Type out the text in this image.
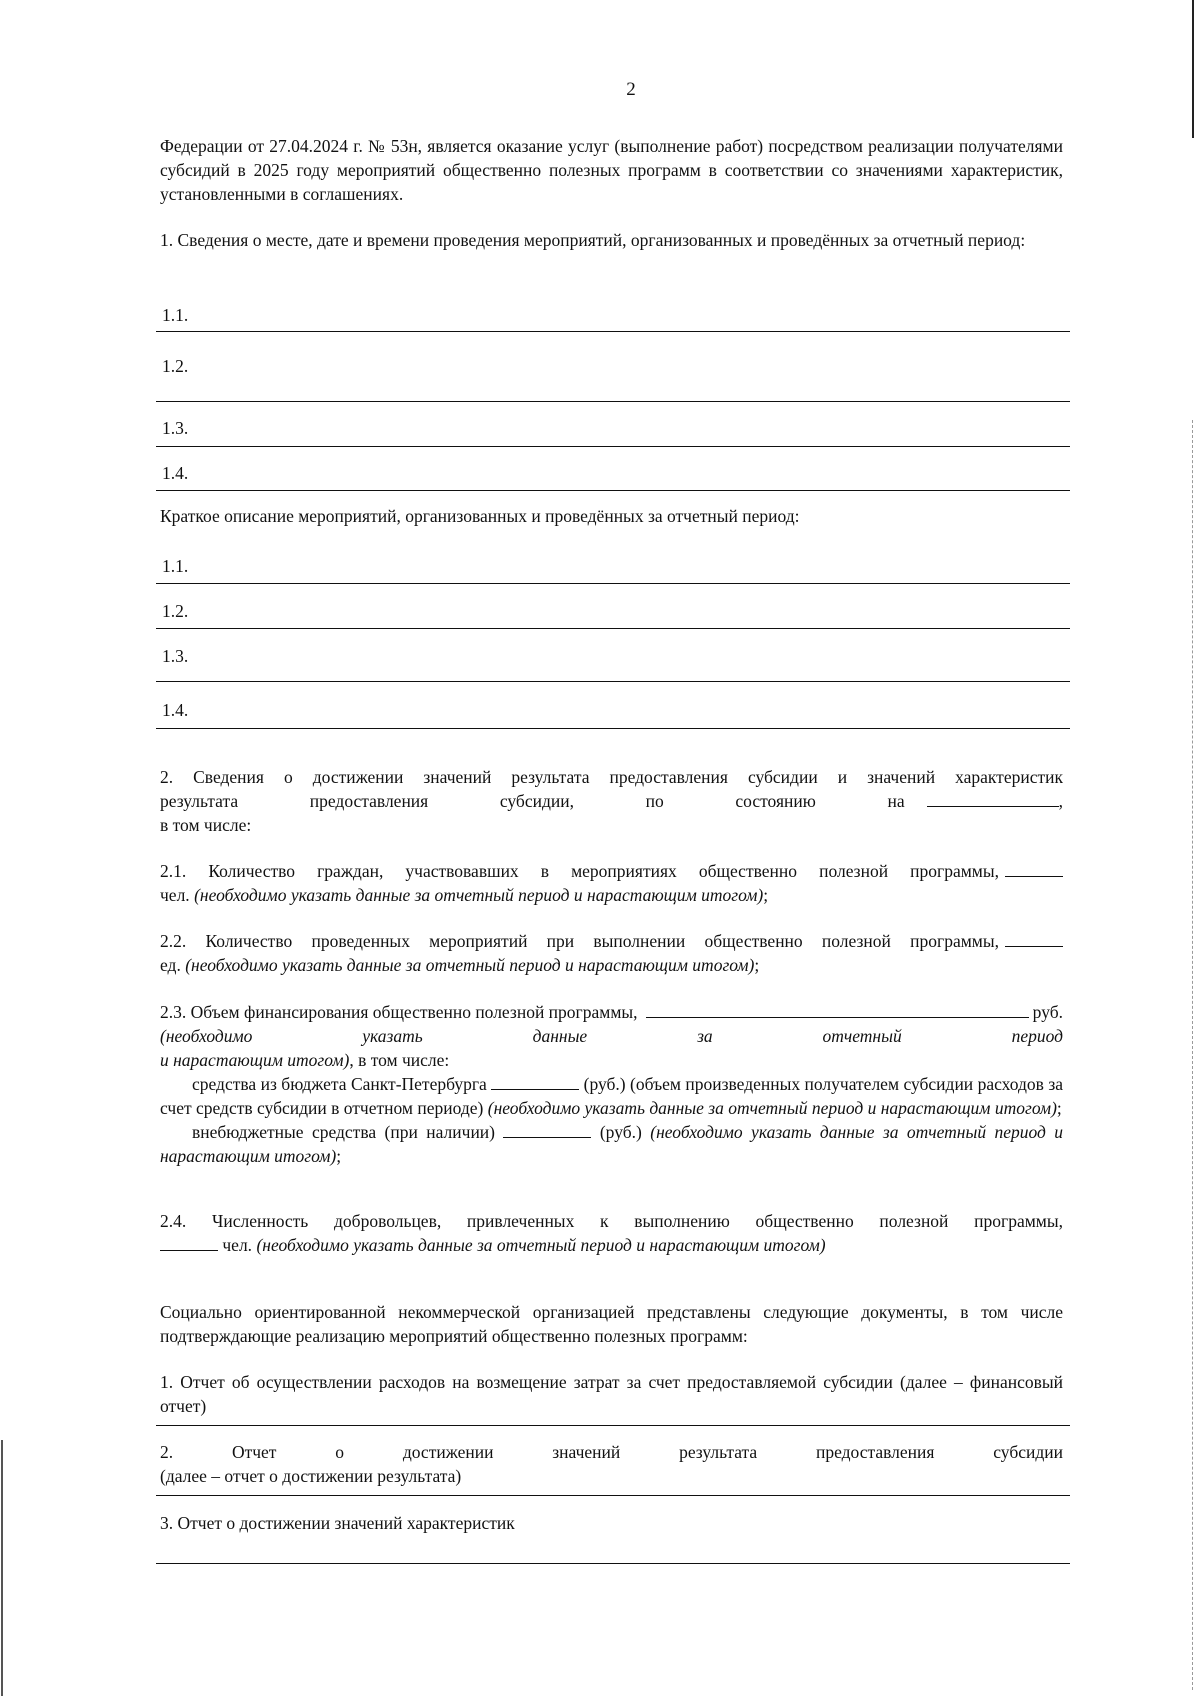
2

Федерации от 27.04.2024 г. № 53н, является оказание услуг (выполнение работ) посредством реализации получателями субсидий в 2025 году мероприятий общественно полезных программ в соответствии со значениями характеристик, установленными в соглашениях.

1. Сведения о месте, дате и времени проведения мероприятий, организованных и проведённых за отчетный период:

1.1.
1.2.
1.3.
1.4.

Краткое описание мероприятий, организованных и проведённых за отчетный период:

1.1.
1.2.
1.3.
1.4.
2. Сведения о достижении значений результата предоставления субсидии и значений характеристик
результата предоставления субсидии, по состоянию на	,
в том числе:
2.1. Количество граждан, участвовавших в мероприятиях общественно полезной программы,
чел. (необходимо указать данные за отчетный период и нарастающим итогом);
2.2. Количество проведенных мероприятий при выполнении общественно полезной программы,
ед. (необходимо указать данные за отчетный период и нарастающим итогом);
2.3. Объем финансирования общественно полезной программы,	руб.
(необходимо указать данные за отчетный период
и нарастающим итогом), в том числе:
средства из бюджета Санкт-Петербурга	(руб.) (объем произведенных получателем субсидии расходов за счет средств субсидии в отчетном периоде) (необходимо указать данные за отчетный период и нарастающим итогом);
внебюджетные средства (при наличии)	(руб.) (необходимо указать данные за отчетный период и нарастающим итогом);
2.4. Численность добровольцев, привлеченных к выполнению общественно полезной программы,
чел. (необходимо указать данные за отчетный период и нарастающим итогом)

Социально ориентированной некоммерческой организацией представлены следующие документы, в том числе подтверждающие реализацию мероприятий общественно полезных программ:

1. Отчет об осуществлении расходов на возмещение затрат за счет предоставляемой субсидии (далее – финансовый отчет)

2. Отчет о достижении значений результата предоставления субсидии
(далее – отчет о достижении результата)

3. Отчет о достижении значений характеристик
